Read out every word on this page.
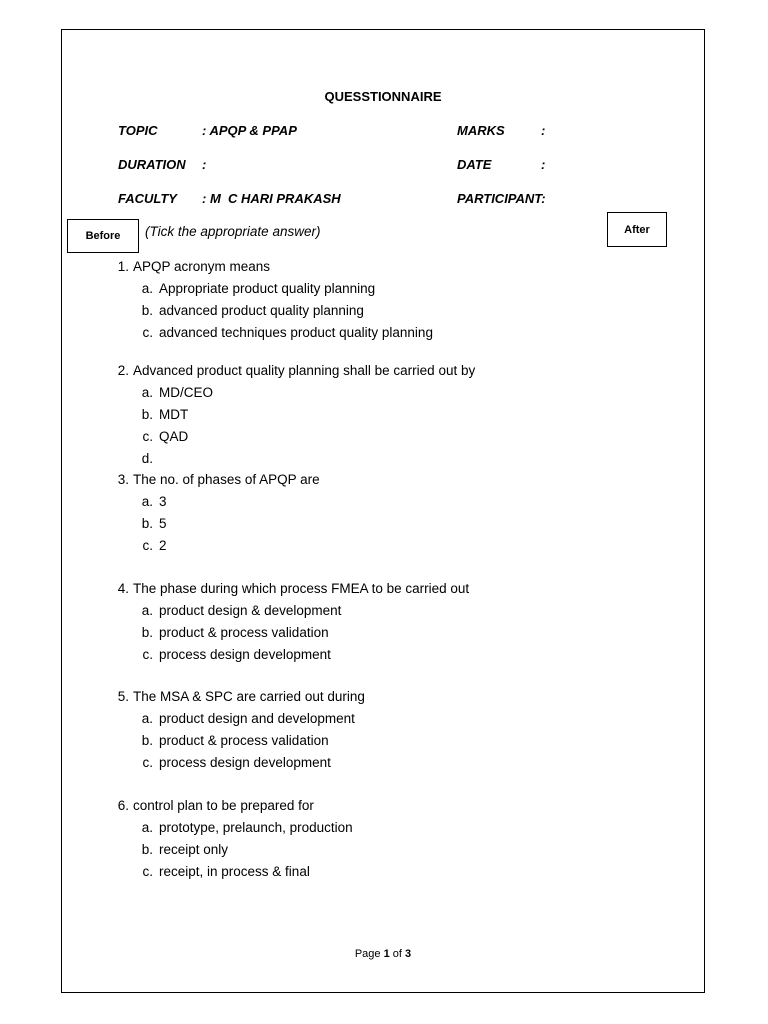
QUESSTIONNAIRE
TOPIC	: APQP & PPAP	MARKS	:
DURATION :	DATE	:
FACULTY : M  C HARI PRAKASH	PARTICIPANT:
Before
After
(Tick the appropriate answer)
1. APQP acronym means
a. Appropriate product quality planning
b. advanced product quality planning
c. advanced techniques product quality planning
2. Advanced product quality planning shall be carried out by
a. MD/CEO
b. MDT
c. QAD
d.
3. The no. of phases of APQP are
a. 3
b. 5
c. 2
4. The phase during which process FMEA to be carried out
a. product design & development
b. product & process validation
c. process design development
5. The MSA & SPC are carried out during
a. product design and development
b. product & process validation
c. process design development
6. control plan to be prepared for
a. prototype, prelaunch, production
b. receipt only
c. receipt, in process & final
Page 1 of 3
